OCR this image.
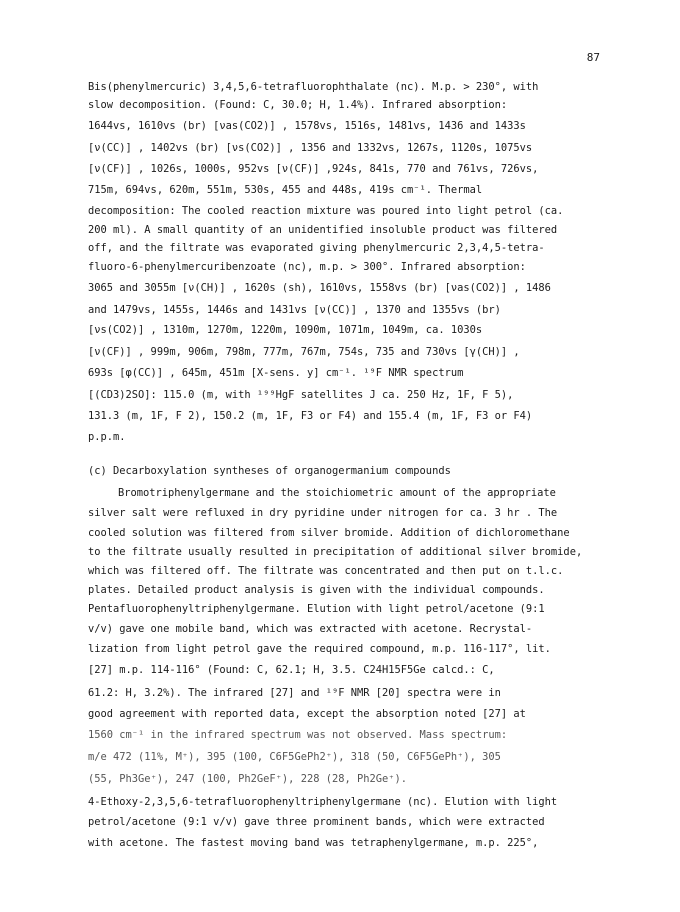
87
Bis(phenylmercuric) 3,4,5,6-tetrafluorophthalate (nc). M.p. > 230°, with
slow decomposition. (Found: C, 30.0; H, 1.4%). Infrared absorption:
1644vs, 1610vs (br) [νas(CO2)] , 1578vs, 1516s, 1481vs, 1436 and 1433s
[ν(CC)] , 1402vs (br) [νs(CO2)] , 1356 and 1332vs, 1267s, 1120s, 1075vs
[ν(CF)] , 1026s, 1000s, 952vs [ν(CF)] ,924s, 841s, 770 and 761vs, 726vs,
715m, 694vs, 620m, 551m, 530s, 455 and 448s, 419s cm⁻¹. Thermal
decomposition: The cooled reaction mixture was poured into light petrol (ca.
200 ml). A small quantity of an unidentified insoluble product was filtered
off, and the filtrate was evaporated giving phenylmercuric 2,3,4,5-tetra-
fluoro-6-phenylmercuribenzoate (nc), m.p. > 300°. Infrared absorption:
3065 and 3055m [ν(CH)] , 1620s (sh), 1610vs, 1558vs (br) [νas(CO2)] , 1486
and 1479vs, 1455s, 1446s and 1431vs [ν(CC)] , 1370 and 1355vs (br)
[νs(CO2)] , 1310m, 1270m, 1220m, 1090m, 1071m, 1049m, ca. 1030s
[ν(CF)] , 999m, 906m, 798m, 777m, 767m, 754s, 735 and 730vs [γ(CH)] ,
693s [φ(CC)] , 645m, 451m [X-sens. y] cm⁻¹. ¹⁹F NMR spectrum
[(CD3)2SO]: 115.0 (m, with ¹⁹⁹HgF satellites J ca. 250 Hz, 1F, F 5),
131.3 (m, 1F, F 2), 150.2 (m, 1F, F3 or F4) and 155.4 (m, 1F, F3 or F4)
p.p.m.
(c) Decarboxylation syntheses of organogermanium compounds
Bromotriphenylgermane and the stoichiometric amount of the appropriate
silver salt were refluxed in dry pyridine under nitrogen for ca. 3 hr . The
cooled solution was filtered from silver bromide. Addition of dichloromethane
to the filtrate usually resulted in precipitation of additional silver bromide,
which was filtered off. The filtrate was concentrated and then put on t.l.c.
plates. Detailed product analysis is given with the individual compounds.
Pentafluorophenyltriphenylgermane. Elution with light petrol/acetone (9:1
v/v) gave one mobile band, which was extracted with acetone. Recrystal-
lization from light petrol gave the required compound, m.p. 116-117°, lit.
[27] m.p. 114-116° (Found: C, 62.1; H, 3.5. C24H15F5Ge calcd.: C,
61.2: H, 3.2%). The infrared [27] and ¹⁹F NMR [20] spectra were in
good agreement with reported data, except the absorption noted [27] at
1560 cm⁻¹ in the infrared spectrum was not observed. Mass spectrum:
m/e 472 (11%, M⁺), 395 (100, C6F5GePh2⁺), 318 (50, C6F5GePh⁺), 305
(55, Ph3Ge⁺), 247 (100, Ph2GeF⁺), 228 (28, Ph2Ge⁺).
4-Ethoxy-2,3,5,6-tetrafluorophenyltriphenylgermane (nc). Elution with light
petrol/acetone (9:1 v/v) gave three prominent bands, which were extracted
with acetone. The fastest moving band was tetraphenylgermane, m.p. 225°,
